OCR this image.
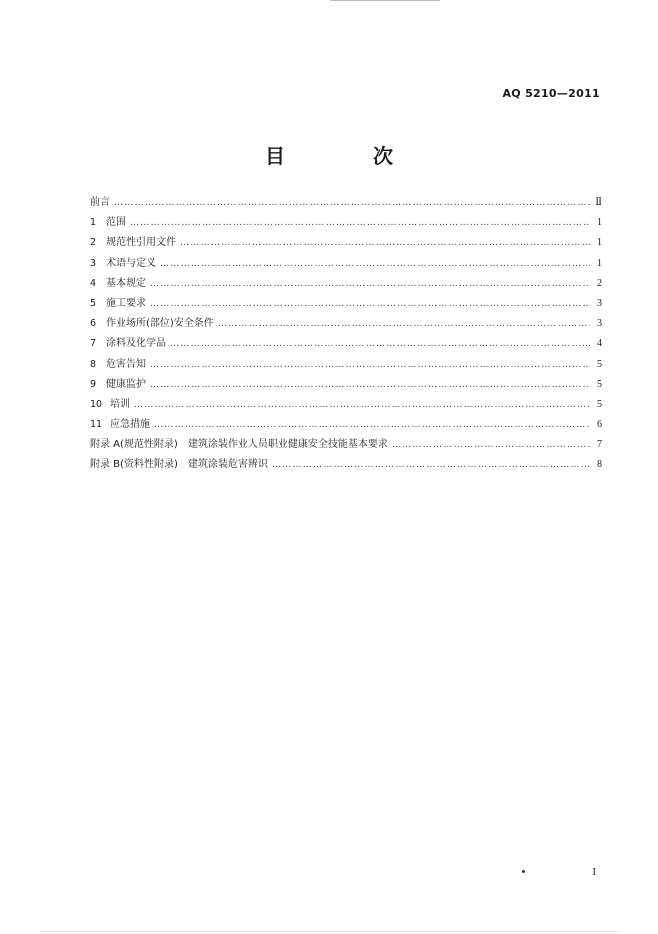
AQ 5210—2011
目　次
前言 …………………………………………………………………………………………………………………………………………………………………………………………	Ⅱ
1 范围 …………………………………………………………………………………………………………………………………………………………………………………………	1
2 规范性引用文件 …………………………………………………………………………………………………………………………………………………………………………………………	1
3 术语与定义 …………………………………………………………………………………………………………………………………………………………………………………………	1
4 基本规定 …………………………………………………………………………………………………………………………………………………………………………………………	2
5 施工要求 …………………………………………………………………………………………………………………………………………………………………………………………	3
6 作业场所(部位)安全条件 …………………………………………………………………………………………………………………………………………………………………………………………	3
7 涂料及化学品 …………………………………………………………………………………………………………………………………………………………………………………………	4
8 危害告知 …………………………………………………………………………………………………………………………………………………………………………………………	5
9 健康监护 …………………………………………………………………………………………………………………………………………………………………………………………	5
10 培训 …………………………………………………………………………………………………………………………………………………………………………………………	5
11 应急措施 …………………………………………………………………………………………………………………………………………………………………………………………	6
附录 A(规范性附录)　建筑涂装作业人员职业健康安全技能基本要求 …………………………………………………………………………………………………………………………………………………………………………………………	7
附录 B(资料性附录)　建筑涂装危害辨识 …………………………………………………………………………………………………………………………………………………………………………………………	8
I
